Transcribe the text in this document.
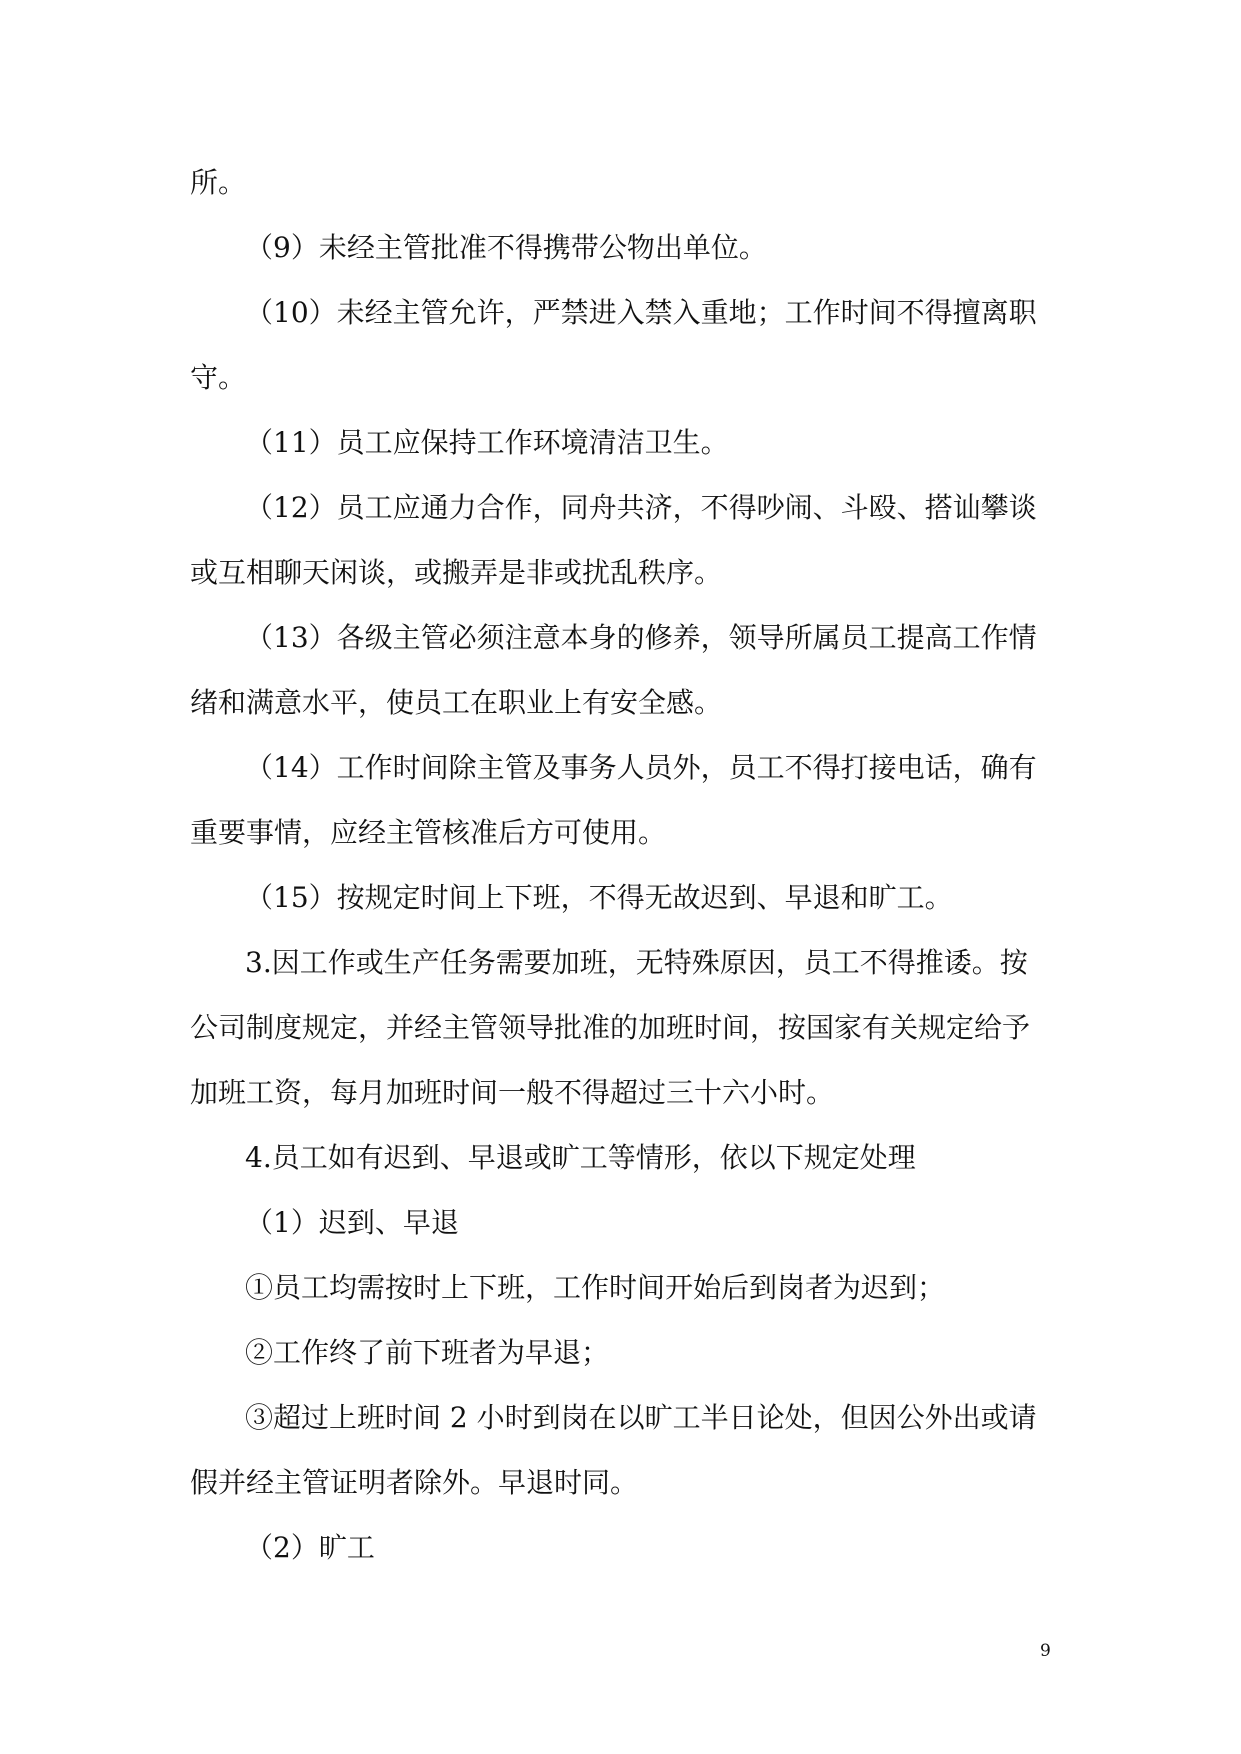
所。
（9）未经主管批准不得携带公物出单位。
（10）未经主管允许，严禁进入禁入重地；工作时间不得擅离职
守。
（11）员工应保持工作环境清洁卫生。
（12）员工应通力合作，同舟共济，不得吵闹、斗殴、搭讪攀谈
或互相聊天闲谈，或搬弄是非或扰乱秩序。
（13）各级主管必须注意本身的修养，领导所属员工提高工作情
绪和满意水平，使员工在职业上有安全感。
（14）工作时间除主管及事务人员外，员工不得打接电话，确有
重要事情，应经主管核准后方可使用。
（15）按规定时间上下班，不得无故迟到、早退和旷工。
3.因工作或生产任务需要加班，无特殊原因，员工不得推诿。按
公司制度规定，并经主管领导批准的加班时间，按国家有关规定给予
加班工资，每月加班时间一般不得超过三十六小时。
4.员工如有迟到、早退或旷工等情形，依以下规定处理
（1）迟到、早退
①员工均需按时上下班，工作时间开始后到岗者为迟到；
②工作终了前下班者为早退；
③超过上班时间 2 小时到岗在以旷工半日论处，但因公外出或请
假并经主管证明者除外。早退时同。
（2）旷工
9
